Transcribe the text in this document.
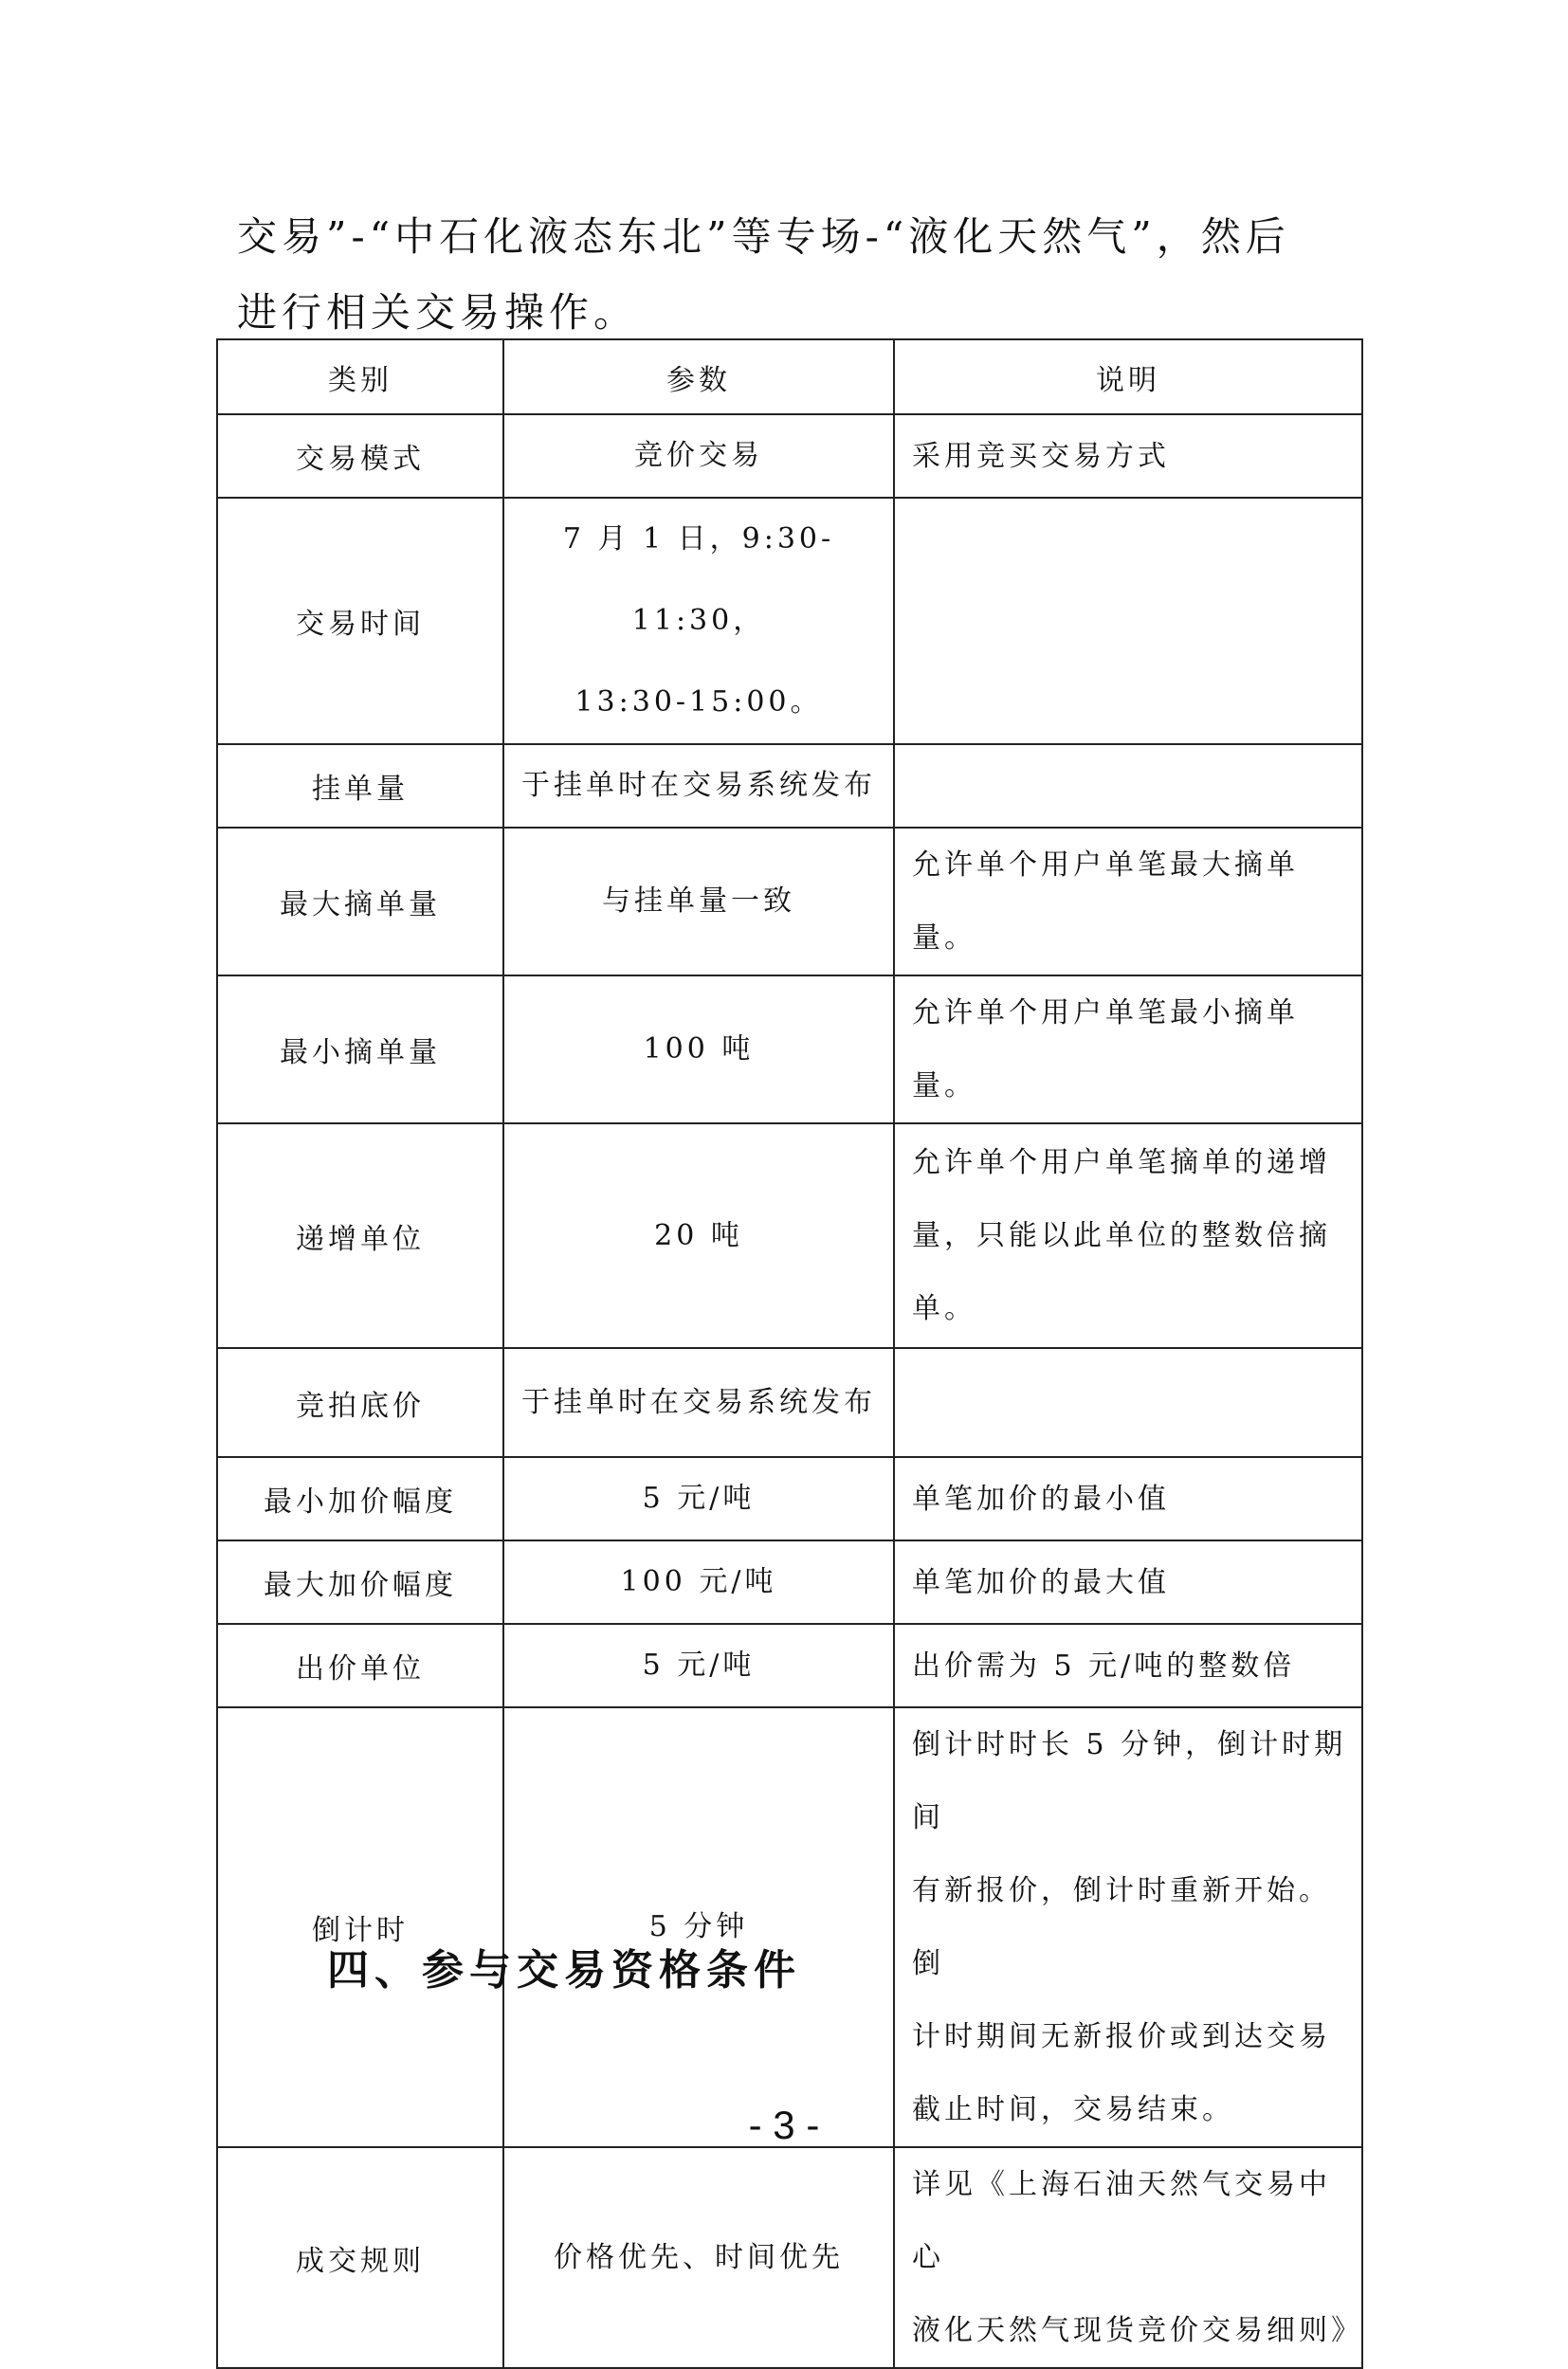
交易”-“中石化液态东北”等专场-“液化天然气”，然后

进行相关交易操作。

类别	参数	说明
交易模式	竞价交易	采用竞买交易方式

交易时间	7 月 1 日，9:30-11:30，
13:30-15:00。	

挂单量	于挂单时在交易系统发布	

最大摘单量	与挂单量一致	允许单个用户单笔最大摘单量。

最小摘单量	100 吨	允许单个用户单笔最小摘单量。

递增单位	20 吨	允许单个用户单笔摘单的递增
量，只能以此单位的整数倍摘
单。

竞拍底价	于挂单时在交易系统发布	

最小加价幅度	5 元/吨	单笔加价的最小值

最大加价幅度	100 元/吨	单笔加价的最大值

出价单位	5 元/吨	出价需为 5 元/吨的整数倍

倒计时	5 分钟	倒计时时长 5 分钟，倒计时期间
有新报价，倒计时重新开始。倒
计时期间无新报价或到达交易
截止时间，交易结束。

成交规则	价格优先、时间优先	详见《上海石油天然气交易中心
液化天然气现货竞价交易细则》
四、参与交易资格条件
- 3 -
